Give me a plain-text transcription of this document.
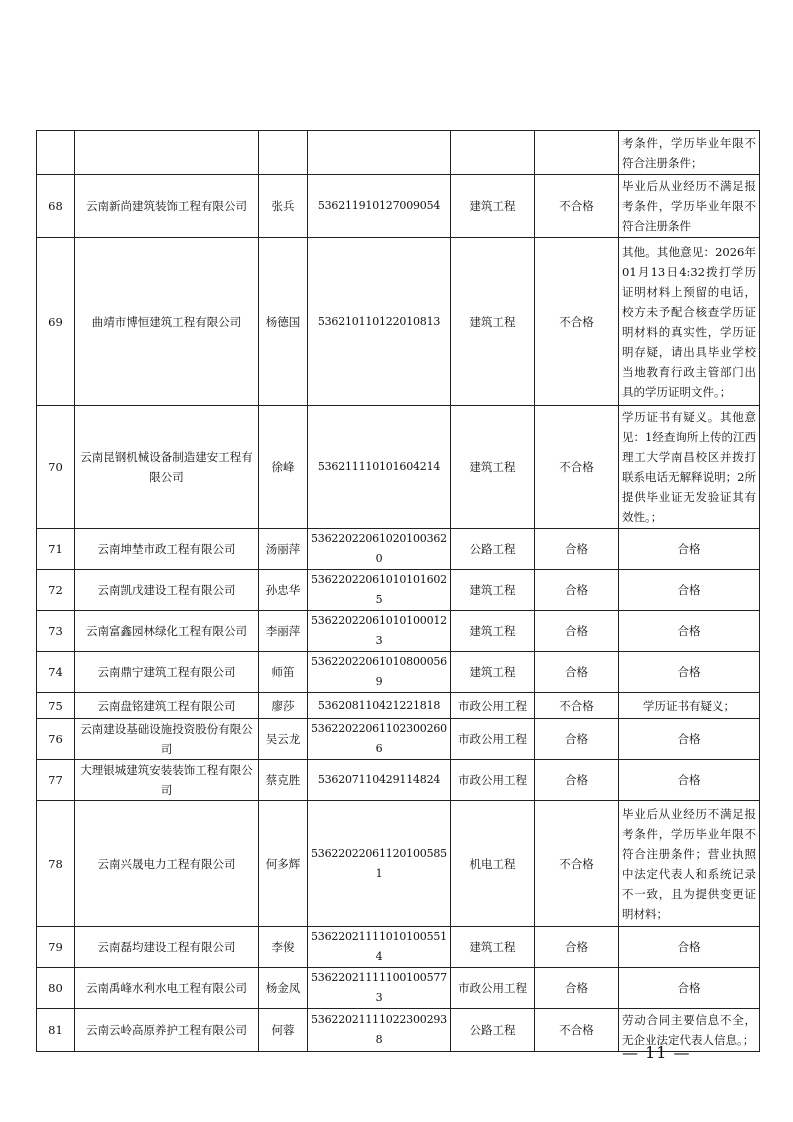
						考条件，学历毕业年限不符合注册条件；
68	云南新尚建筑装饰工程有限公司	张兵	536211910127009054	建筑工程	不合格	毕业后从业经历不满足报考条件，学历毕业年限不符合注册条件
69	曲靖市博恒建筑工程有限公司	杨德国	536210110122010813	建筑工程	不合格	其他。其他意见：2026年01月13日4:32拨打学历证明材料上预留的电话，校方未予配合核查学历证明材料的真实性，学历证明存疑，请出具毕业学校当地教育行政主管部门出具的学历证明文件。；
70	云南昆钢机械设备制造建安工程有限公司	徐峰	536211110101604214	建筑工程	不合格	学历证书有疑义。其他意见：1经查询所上传的江西理工大学南昌校区并拨打联系电话无解释说明；2所提供毕业证无发验证其有效性。；
71	云南坤埜市政工程有限公司	汤丽萍	53622022061020100362 0	公路工程	合格	合格
72	云南凯戊建设工程有限公司	孙忠华	536220220610101016025	建筑工程	合格	合格
73	云南富鑫园林绿化工程有限公司	李丽萍	536220220610101000123	建筑工程	合格	合格
74	云南鼎宁建筑工程有限公司	师笛	536220220610108000569	建筑工程	合格	合格
75	云南盘铭建筑工程有限公司	廖莎	536208110421221818	市政公用工程	不合格	学历证书有疑义；
76	云南建设基础设施投资股份有限公司	吴云龙	536220220611023002606	市政公用工程	合格	合格
77	大理银城建筑安装装饰工程有限公司	蔡克胜	536207110429114824	市政公用工程	合格	合格
78	云南兴晟电力工程有限公司	何多辉	536220220611201005851	机电工程	不合格	毕业后从业经历不满足报考条件，学历毕业年限不符合注册条件；营业执照中法定代表人和系统记录不一致，且为提供变更证明材料；
79	云南磊均建设工程有限公司	李俊	536220211110101005514	建筑工程	合格	合格
80	云南禹峰水利水电工程有限公司	杨金凤	536220211111001005773	市政公用工程	合格	合格
81	云南云岭高原养护工程有限公司	何蓉	536220211110223002938	公路工程	不合格	劳动合同主要信息不全，无企业法定代表人信息。；
— 11 —
